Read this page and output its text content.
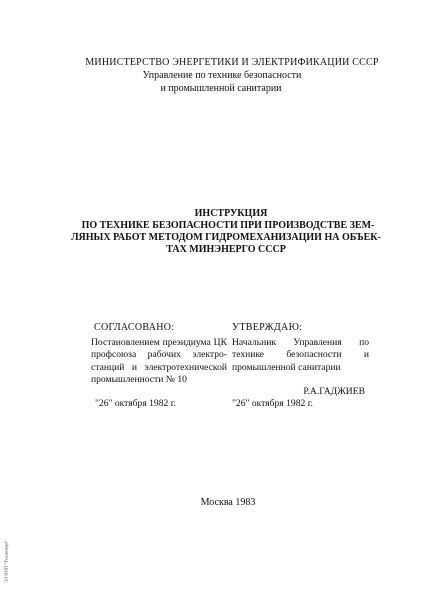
МИНИСТЕРСТВО ЭНЕРГЕТИКИ И ЭЛЕКТРИФИКАЦИИ СССР
Управление по технике безопасности
и промышленной санитарии
ИНСТРУКЦИЯ
ПО ТЕХНИКЕ БЕЗОПАСНОСТИ ПРИ ПРОИЗВОДСТВЕ ЗЕМ-
ЛЯНЫХ РАБОТ МЕТОДОМ ГИДРОМЕХАНИЗАЦИИ НА ОБЪЕК-
ТАХ МИНЭНЕРГО СССР
СОГЛАСОВАНО:
Постановлением президиума ЦК
профсоюза рабочих электро-
станций и электротехнической
промышленности № 10
УТВЕРЖДАЮ:
Начальник Управления по
технике безопасности и
промышленной санитарии
Р.А.ГАДЖИЕВ
"26" октября 1982 г.	"26" октября 1982 г.
Москва 1983
ЭЛ НПП "Техэксперт"
